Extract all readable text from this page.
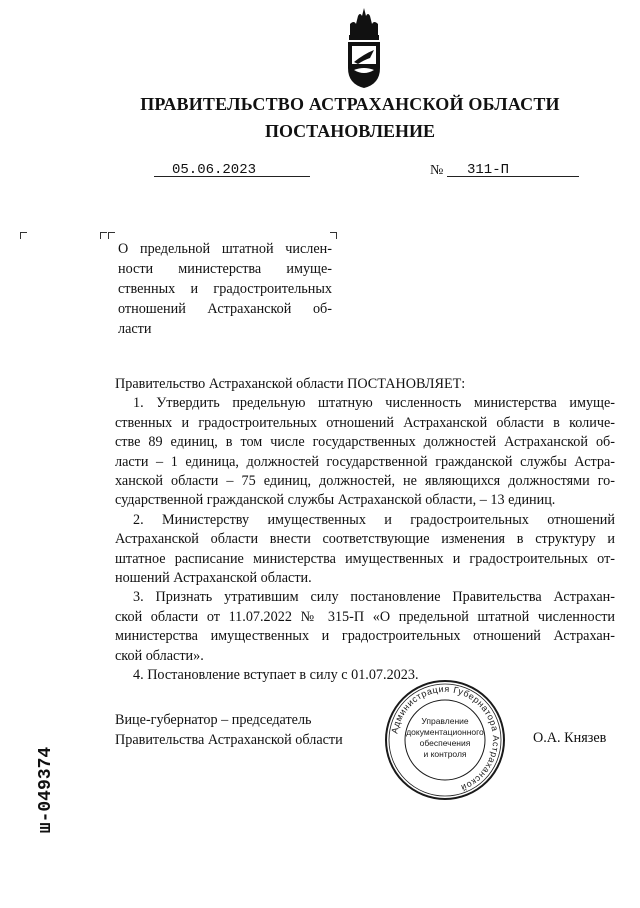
ПРАВИТЕЛЬСТВО АСТРАХАНСКОЙ ОБЛАСТИ
ПОСТАНОВЛЕНИЕ
05.06.2023	№ 311-П
О предельной штатной числен-
ности министерства имуще-
ственных и градостроительных
отношений Астраханской об-
ласти

Правительство Астраханской области ПОСТАНОВЛЯЕТ:

1. Утвердить предельную штатную численность министерства имуще-
ственных и градостроительных отношений Астраханской области в количе-
стве 89 единиц, в том числе государственных должностей Астраханской об-
ласти – 1 единица, должностей государственной гражданской службы Астра-
ханской области – 75 единиц, должностей, не являющихся должностями го-
сударственной гражданской службы Астраханской области, – 13 единиц.

2. Министерству имущественных и градостроительных отношений
Астраханской области внести соответствующие изменения в структуру и
штатное расписание министерства имущественных и градостроительных от-
ношений Астраханской области.

3. Признать утратившим силу постановление Правительства Астрахан-
ской области от 11.07.2022 № 315-П «О предельной штатной численности
министерства имущественных и градостроительных отношений Астрахан-
ской области».

4. Постановление вступает в силу с 01.07.2023.

Вице-губернатор – председатель
Правительства Астраханской области	О.А. Князев
Администрация Губернатора Астраханской
Управление
документационного
обеспечения
и контроля
ш-049374
